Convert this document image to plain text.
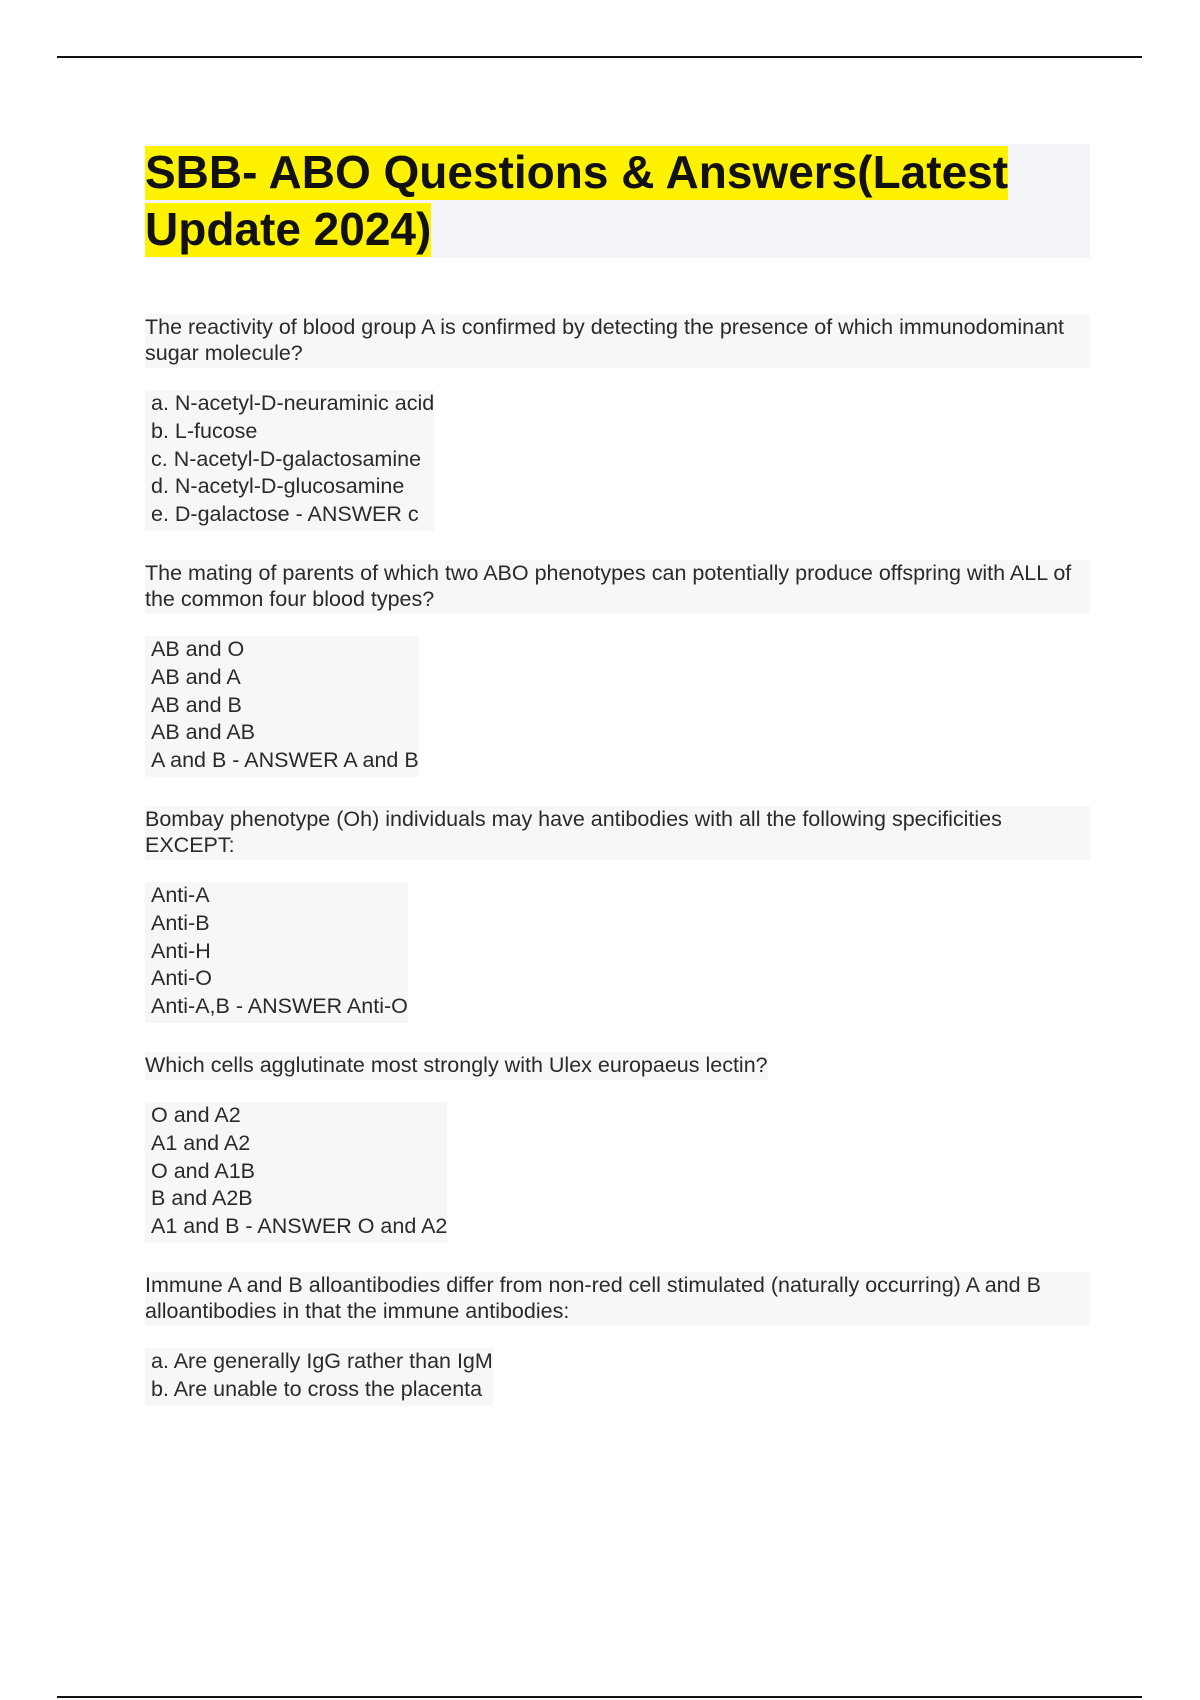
SBB- ABO Questions & Answers(Latest Update 2024)
The reactivity of blood group A is confirmed by detecting the presence of which immunodominant sugar molecule?
a. N-acetyl-D-neuraminic acid
b. L-fucose
c. N-acetyl-D-galactosamine
d. N-acetyl-D-glucosamine
e. D-galactose - ANSWER c
The mating of parents of which two ABO phenotypes can potentially produce offspring with ALL of the common four blood types?
AB and O
AB and A
AB and B
AB and AB
A and B - ANSWER A and B
Bombay phenotype (Oh) individuals may have antibodies with all the following specificities EXCEPT:
Anti-A
Anti-B
Anti-H
Anti-O
Anti-A,B - ANSWER Anti-O
Which cells agglutinate most strongly with Ulex europaeus lectin?
O and A2
A1 and A2
O and A1B
B and A2B
A1 and B - ANSWER O and A2
Immune A and B alloantibodies differ from non-red cell stimulated (naturally occurring) A and B alloantibodies in that the immune antibodies:
a. Are generally IgG rather than IgM
b. Are unable to cross the placenta
